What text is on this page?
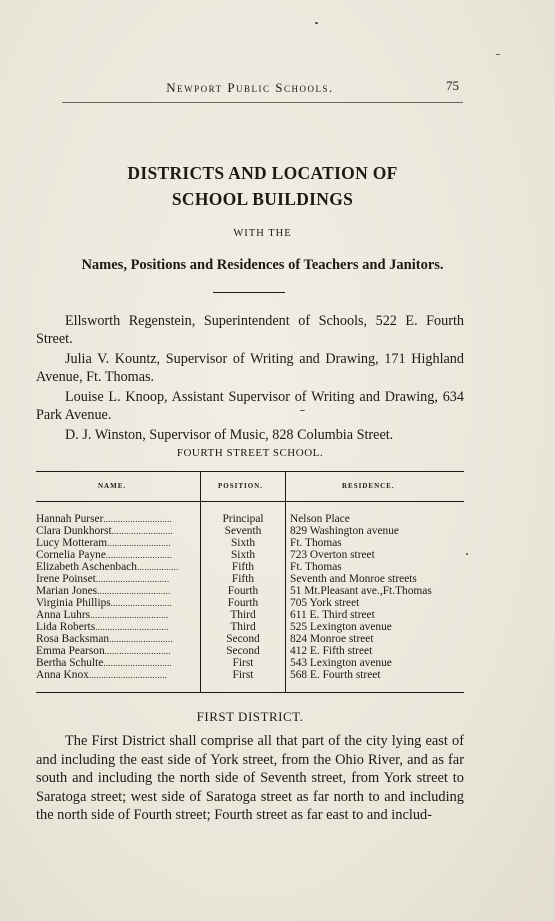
Newport Public Schools.	75
DISTRICTS AND LOCATION OF
SCHOOL BUILDINGS
WITH THE
Names, Positions and Residences of Teachers and Janitors.

Ellsworth Regenstein, Superintendent of Schools, 522 E. Fourth Street.

Julia V. Kountz, Supervisor of Writing and Drawing, 171 Highland Avenue, Ft. Thomas.

Louise L. Knoop, Assistant Supervisor of Writing and Drawing, 634 Park Avenue.

D. J. Winston, Supervisor of Music, 828 Columbia Street.

FOURTH STREET SCHOOL.
NAME.	POSITION.	RESIDENCE.
Hannah Purser............................	Principal	Nelson Place
Clara Dunkhorst.........................	Seventh	829 Washington avenue
Lucy Motteram..........................	Sixth	Ft. Thomas
Cornelia Payne...........................	Sixth	723 Overton street
Elizabeth Aschenbach.................	Fifth	Ft. Thomas
Irene Poinset..............................	Fifth	Seventh and Monroe streets
Marian Jones..............................	Fourth	51 Mt.Pleasant ave.,Ft.Thomas
Virginia Phillips.........................	Fourth	705 York street
Anna Luhrs................................	Third	611 E. Third street
Lida Roberts..............................	Third	525 Lexington avenue
Rosa Backsman..........................	Second	824 Monroe street
Emma Pearson...........................	Second	412 E. Fifth street
Bertha Schulte............................	First	543 Lexington avenue
Anna Knox................................	First	568 E. Fourth street
FIRST DISTRICT.

The First District shall comprise all that part of the city lying east of and including the east side of York street, from the Ohio River, and as far south and including the north side of Seventh street, from York street to Saratoga street; west side of Saratoga street as far north to and including the north side of Fourth street; Fourth street as far east to and includ-
